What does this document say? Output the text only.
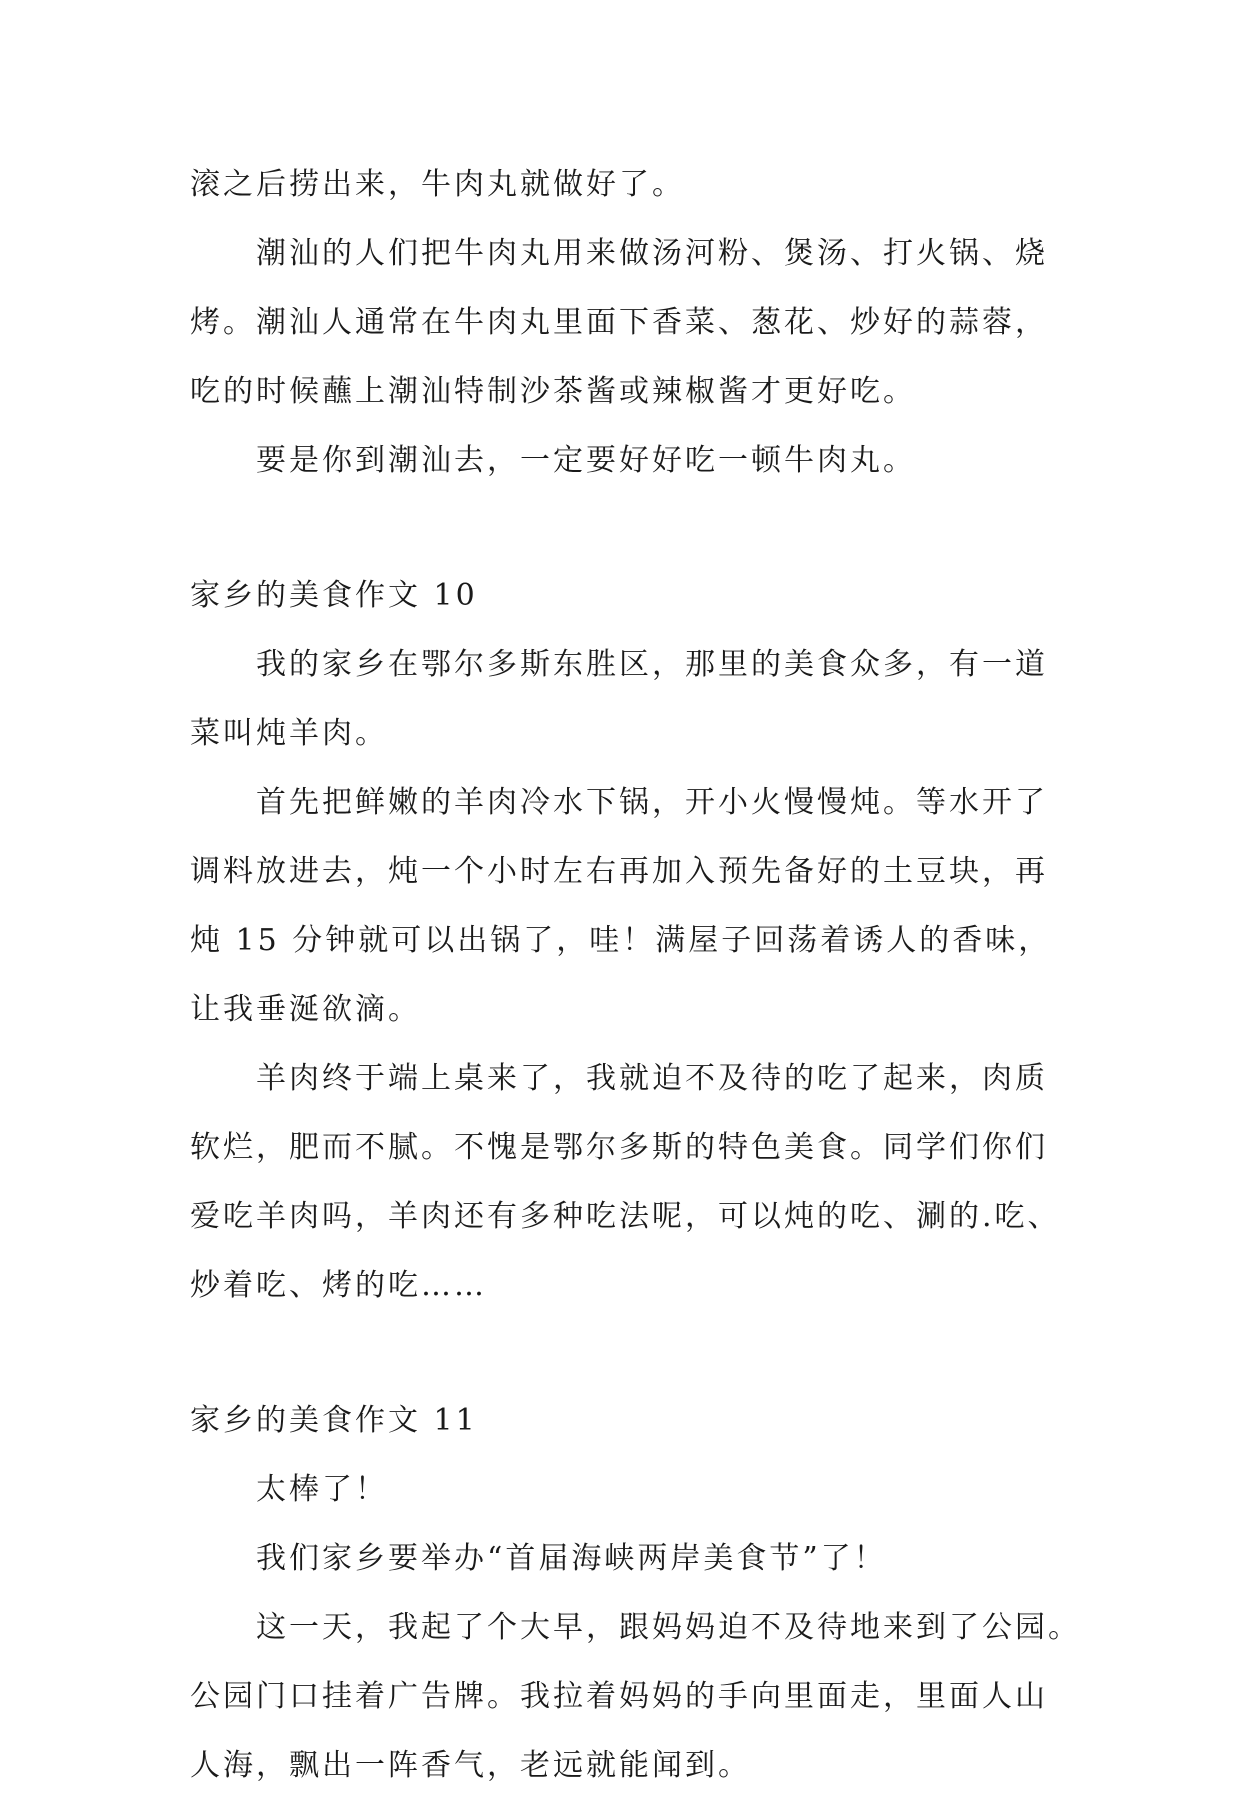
滚之后捞出来，牛肉丸就做好了。
潮汕的人们把牛肉丸用来做汤河粉、煲汤、打火锅、烧
烤。潮汕人通常在牛肉丸里面下香菜、葱花、炒好的蒜蓉，
吃的时候蘸上潮汕特制沙茶酱或辣椒酱才更好吃。
要是你到潮汕去，一定要好好吃一顿牛肉丸。
家乡的美食作文 10
我的家乡在鄂尔多斯东胜区，那里的美食众多，有一道
菜叫炖羊肉。
首先把鲜嫩的羊肉冷水下锅，开小火慢慢炖。等水开了
调料放进去，炖一个小时左右再加入预先备好的土豆块，再
炖 15 分钟就可以出锅了，哇！满屋子回荡着诱人的香味，
让我垂涎欲滴。
羊肉终于端上桌来了，我就迫不及待的吃了起来，肉质
软烂，肥而不腻。不愧是鄂尔多斯的特色美食。同学们你们
爱吃羊肉吗，羊肉还有多种吃法呢，可以炖的吃、涮的.吃、
炒着吃、烤的吃……
家乡的美食作文 11
太棒了！
我们家乡要举办“首届海峡两岸美食节”了！
这一天，我起了个大早，跟妈妈迫不及待地来到了公园。
公园门口挂着广告牌。我拉着妈妈的手向里面走，里面人山
人海，飘出一阵香气，老远就能闻到。
